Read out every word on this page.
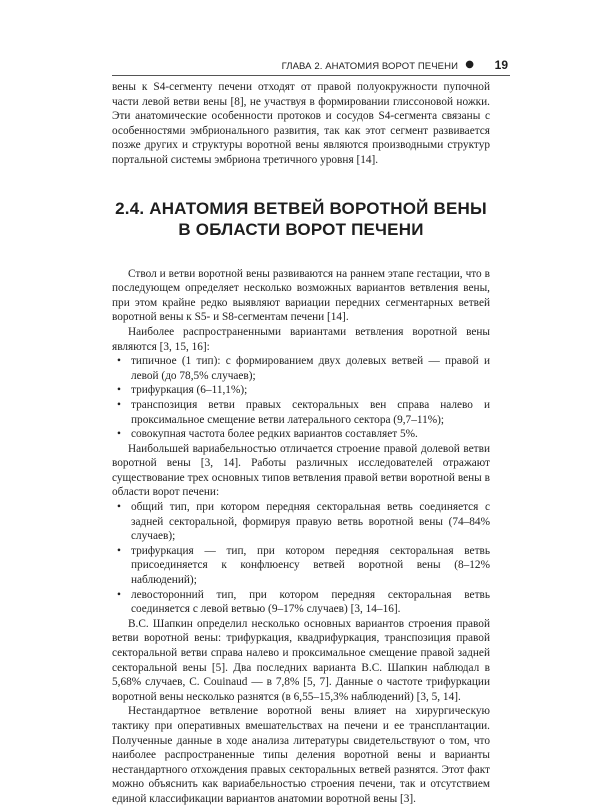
ГЛАВА 2. АНАТОМИЯ ВОРОТ ПЕЧЕНИ ● 19

вены к S4-сегменту печени отходят от правой полуокружности пупочной части левой ветви вены [8], не участвуя в формировании глиссоновой ножки. Эти анатомические особенности протоков и сосудов S4-сегмента связаны с особенностями эмбрионального развития, так как этот сегмент развивается позже других и структуры воротной вены являются производными структур портальной системы эмбриона третичного уровня [14].

2.4. АНАТОМИЯ ВЕТВЕЙ ВОРОТНОЙ ВЕНЫ
В ОБЛАСТИ ВОРОТ ПЕЧЕНИ

Ствол и ветви воротной вены развиваются на раннем этапе гестации, что в последующем определяет несколько возможных вариантов ветвления вены, при этом крайне редко выявляют вариации передних сегментарных ветвей воротной вены к S5- и S8-сегментам печени [14].

Наиболее распространенными вариантами ветвления воротной вены являются [3, 15, 16]:

• типичное (1 тип): с формированием двух долевых ветвей — правой и левой (до 78,5% случаев);
• трифуркация (6–11,1%);
• транспозиция ветви правых секторальных вен справа налево и проксимальное смещение ветви латерального сектора (9,7–11%);
• совокупная частота более редких вариантов составляет 5%.

Наибольшей вариабельностью отличается строение правой долевой ветви воротной вены [3, 14]. Работы различных исследователей отражают существование трех основных типов ветвления правой ветви воротной вены в области ворот печени:

• общий тип, при котором передняя секторальная ветвь соединяется с задней секторальной, формируя правую ветвь воротной вены (74–84% случаев);
• трифуркация — тип, при котором передняя секторальная ветвь присоединяется к конфлюенсу ветвей воротной вены (8–12% наблюдений);
• левосторонний тип, при котором передняя секторальная ветвь соединяется с левой ветвью (9–17% случаев) [3, 14–16].

В.С. Шапкин определил несколько основных вариантов строения правой ветви воротной вены: трифуркация, квадрифуркация, транспозиция правой секторальной ветви справа налево и проксимальное смещение правой задней секторальной вены [5]. Два последних варианта В.С. Шапкин наблюдал в 5,68% случаев, C. Couinaud — в 7,8% [5, 7]. Данные о частоте трифуркации воротной вены несколько разнятся (в 6,55–15,3% наблюдений) [3, 5, 14].

Нестандартное ветвление воротной вены влияет на хирургическую тактику при оперативных вмешательствах на печени и ее трансплантации. Полученные данные в ходе анализа литературы свидетельствуют о том, что наиболее распространенные типы деления воротной вены и варианты нестандартного отхождения правых секторальных ветвей разнятся. Этот факт можно объяснить как вариабельностью строения печени, так и отсутствием единой классификации вариантов анатомии воротной вены [3].
